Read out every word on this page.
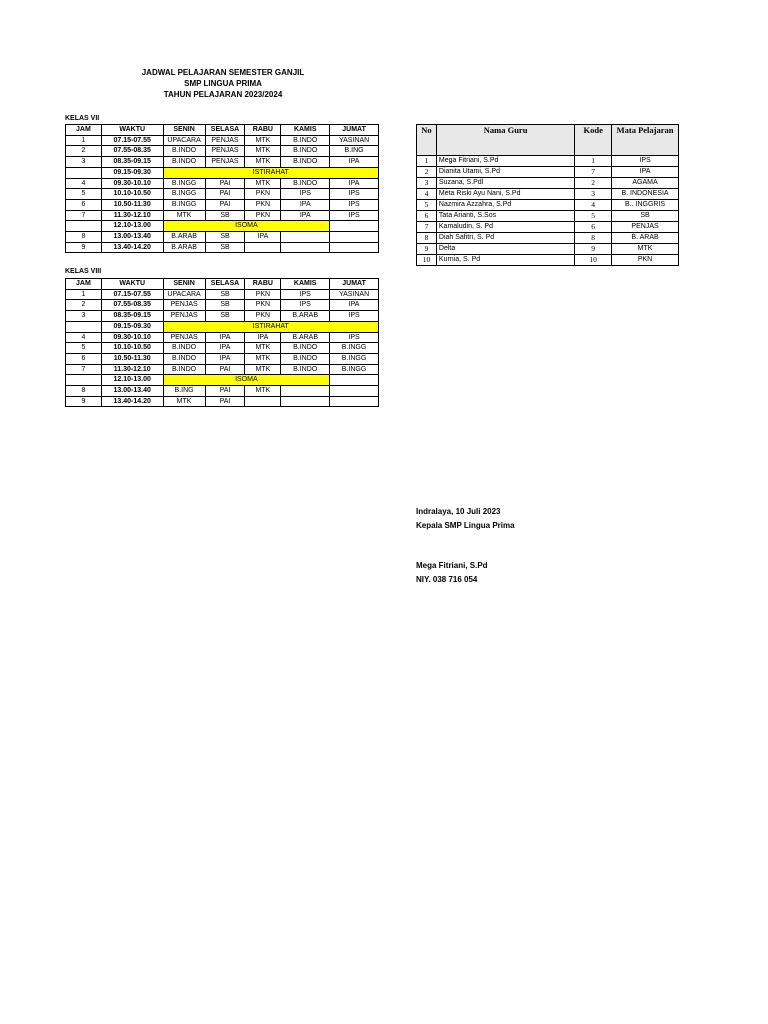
JADWAL PELAJARAN SEMESTER GANJIL
SMP LINGUA PRIMA
TAHUN PELAJARAN 2023/2024
KELAS VII
JAM	WAKTU	SENIN	SELASA	RABU	KAMIS	JUMAT
1	07.15-07.55	UPACARA	PENJAS	MTK	B.INDO	YASINAN
2	07.55-08.35	B.INDO	PENJAS	MTK	B.INDO	B.ING
3	08.35-09.15	B.INDO	PENJAS	MTK	B.INDO	IPA
	09.15-09.30	ISTIRAHAT				
4	09.30-10.10	B.INGG	PAI	MTK	B.INDO	IPA
5	10.10-10.50	B.INGG	PAI	PKN	IPS	IPS
6	10.50-11.30	B.INGG	PAI	PKN	IPA	IPS
7	11.30-12.10	MTK	SB	PKN	IPA	IPS
	12.10-13.00	ISOMA				
8	13.00-13.40	B.ARAB	SB	IPA		
9	13.40-14.20	B.ARAB	SB			
KELAS VIII
JAM	WAKTU	SENIN	SELASA	RABU	KAMIS	JUMAT
1	07.15-07.55	UPACARA	SB	PKN	IPS	YASINAN
2	07.55-08.35	PENJAS	SB	PKN	IPS	IPA
3	08.35-09.15	PENJAS	SB	PKN	B.ARAB	IPS
	09.15-09.30	ISTIRAHAT				
4	09.30-10.10	PENJAS	IPA	IPA	B.ARAB	IPS
5	10.10-10.50	B.INDO	IPA	MTK	B.INDO	B.INGG
6	10.50-11.30	B.INDO	IPA	MTK	B.INDO	B.INGG
7	11.30-12.10	B.INDO	PAI	MTK	B.INDO	B.INGG
	12.10-13.00	ISOMA				
8	13.00-13.40	B.ING	PAI	MTK		
9	13.40-14.20	MTK	PAI			
No	Nama Guru	Kode	Mata Pelajaran
1	Mega Fitriani, S.Pd	1	IPS
2	Dianita Utami, S.Pd	7	IPA
3	Suzana, S.Pdl	2	AGAMA
4	Meta Riski Ayu Nani, S.Pd	3	B. INDONESIA
5	Nazmira Azzahra, S.Pd	4	B.. INGGRIS
6	Tata Arianti, S.Sos	5	SB
7	Kamaludin, S. Pd	6	PENJAS
8	Diah Safitri, S. Pd	8	B. ARAB
9	Delta	9	MTK
10	Kurnia, S. Pd	10	PKN
Indralaya, 10 Juli 2023
Kepala SMP Lingua Prima
Mega Fitriani, S.Pd
NIY. 038 716 054
